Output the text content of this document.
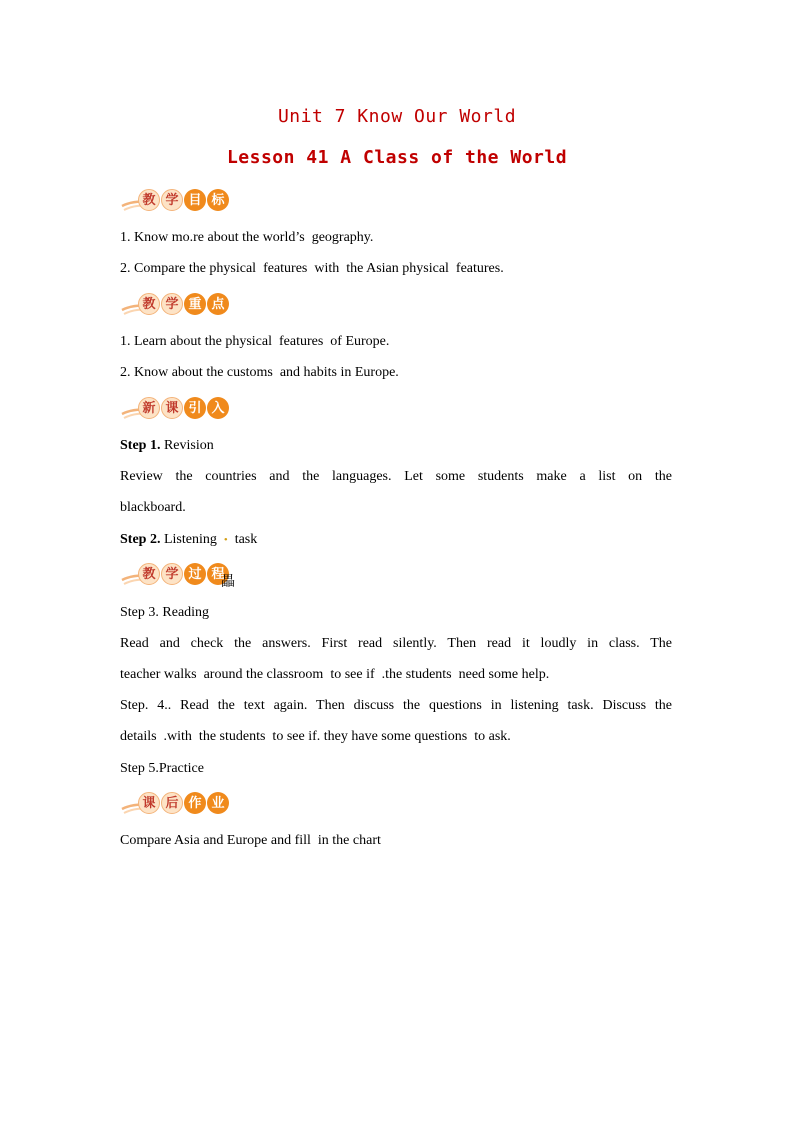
Unit 7 Know Our World
Lesson 41 A Class of the World
教 学 目 标
1. Know mo.re about the world’s  geography.
2. Compare the physical  features  with  the Asian physical  features.
教 学 重 点
1. Learn about the physical  features  of Europe.
2. Know about the customs  and habits in Europe.
新 课 引 入
Step 1. Revision
Review the countries and the languages. Let some students make a list on the
blackboard.
Step 2. Listening • task
教 学 过 程
畾
Step 3. Reading
Read and check the answers. First read silently. Then read it loudly in class. The
teacher walks  around the classroom  to see if  .the students  need some help.
Step. 4.. Read the text again. Then discuss the questions in listening task. Discuss the
details  .with  the students  to see if. they have some questions  to ask.
Step 5.Practice
课 后 作 业
Compare Asia and Europe and fill  in the chart
